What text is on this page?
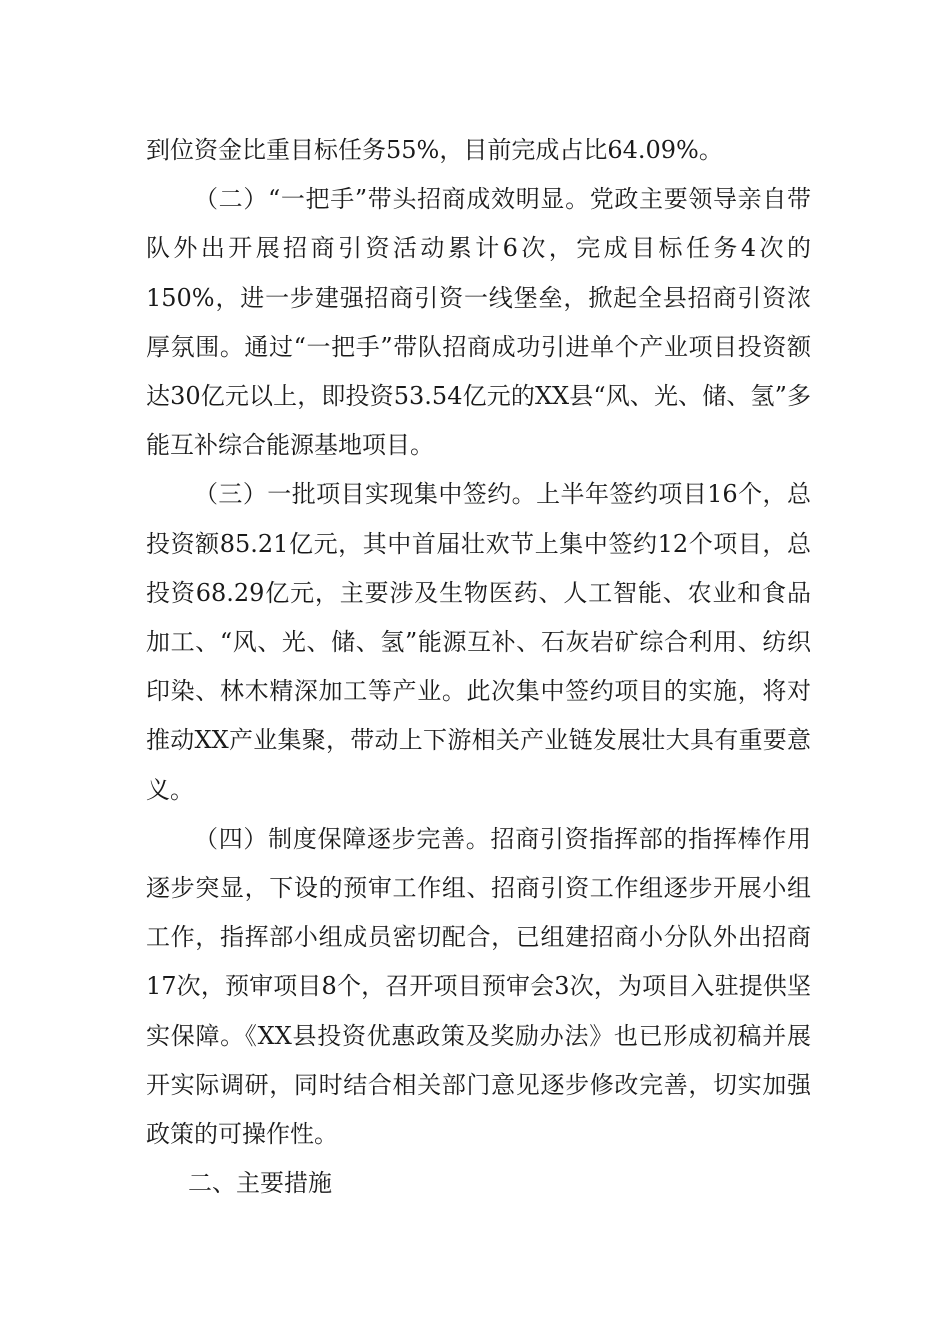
到位资金比重目标任务55%，目前完成占比64.09%。

（二）“一把手”带头招商成效明显。党政主要领导亲自带队外出开展招商引资活动累计6次，完成目标任务4次的150%，进一步建强招商引资一线堡垒，掀起全县招商引资浓厚氛围。通过“一把手”带队招商成功引进单个产业项目投资额达30亿元以上，即投资53.54亿元的XX县“风、光、储、氢”多能互补综合能源基地项目。

（三）一批项目实现集中签约。上半年签约项目16个，总投资额85.21亿元，其中首届壮欢节上集中签约12个项目，总投资68.29亿元，主要涉及生物医药、人工智能、农业和食品加工、“风、光、储、氢”能源互补、石灰岩矿综合利用、纺织印染、林木精深加工等产业。此次集中签约项目的实施，将对推动XX产业集聚，带动上下游相关产业链发展壮大具有重要意义。

（四）制度保障逐步完善。招商引资指挥部的指挥棒作用逐步突显，下设的预审工作组、招商引资工作组逐步开展小组工作，指挥部小组成员密切配合，已组建招商小分队外出招商17次，预审项目8个，召开项目预审会3次，为项目入驻提供坚实保障。《XX县投资优惠政策及奖励办法》也已形成初稿并展开实际调研，同时结合相关部门意见逐步修改完善，切实加强政策的可操作性。

二、主要措施
